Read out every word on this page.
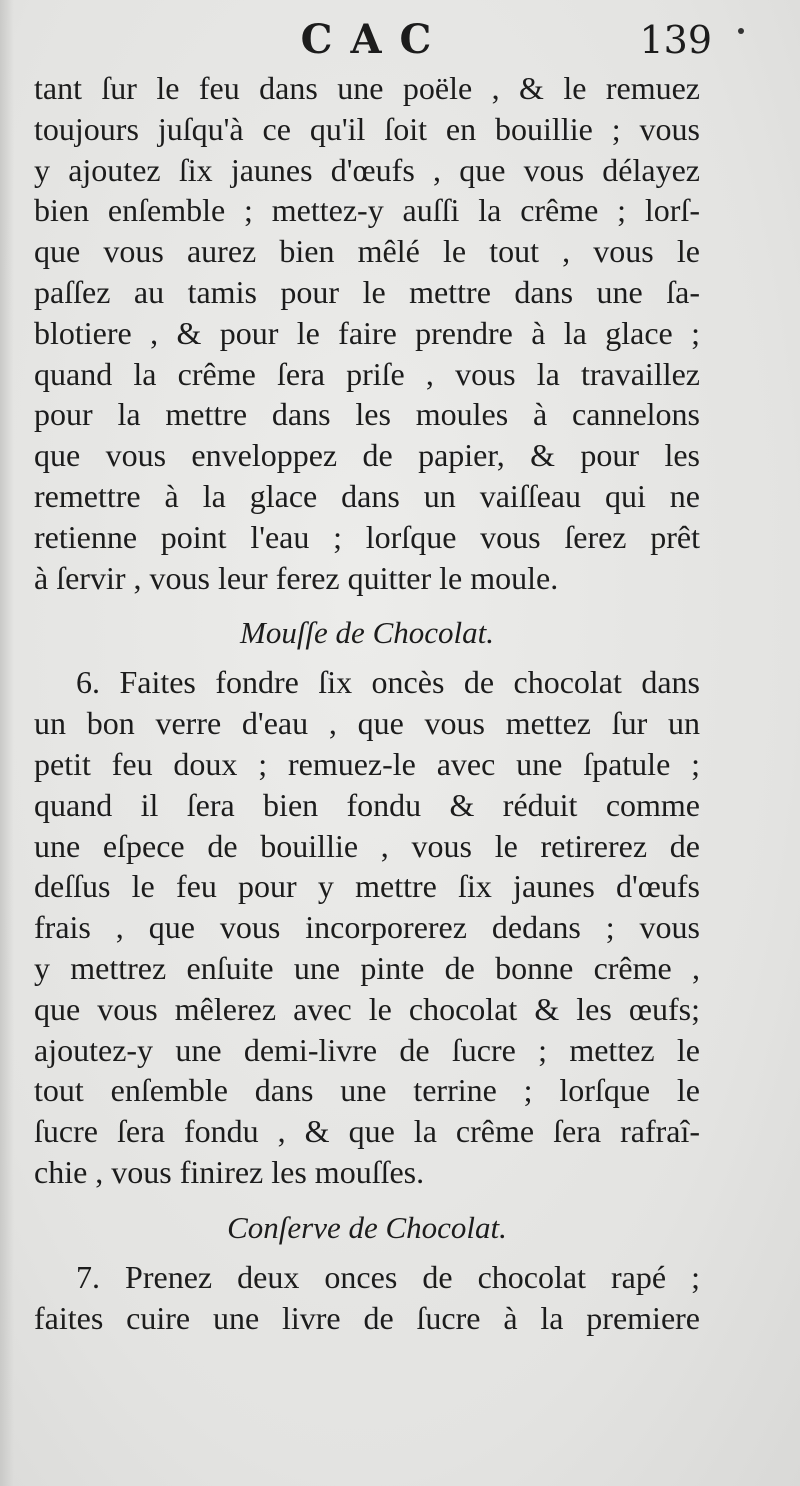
CAC	139
tant ſur le feu dans une poële , & le remuez
toujours juſqu'à ce qu'il ſoit en bouillie ; vous
y ajoutez ſix jaunes d'œufs , que vous délayez
bien enſemble ; mettez-y auſſi la crême ; lorſ-
que vous aurez bien mêlé le tout , vous le
paſſez au tamis pour le mettre dans une ſa-
blotiere , & pour le faire prendre à la glace ;
quand la crême ſera priſe , vous la travaillez
pour la mettre dans les moules à cannelons
que vous enveloppez de papier, & pour les
remettre à la glace dans un vaiſſeau qui ne
retienne point l'eau ; lorſque vous ſerez prêt
à ſervir , vous leur ferez quitter le moule.
Mouſſe de Chocolat.
6. Faites fondre ſix oncès de chocolat dans
un bon verre d'eau , que vous mettez ſur un
petit feu doux ; remuez-le avec une ſpatule ;
quand il ſera bien fondu & réduit comme
une eſpece de bouillie , vous le retirerez de
deſſus le feu pour y mettre ſix jaunes d'œufs
frais , que vous incorporerez dedans ; vous
y mettrez enſuite une pinte de bonne crême ,
que vous mêlerez avec le chocolat & les œufs;
ajoutez-y une demi-livre de ſucre ; mettez le
tout enſemble dans une terrine ; lorſque le
ſucre ſera fondu , & que la crême ſera rafraî-
chie , vous finirez les mouſſes.
Conſerve de Chocolat.
7. Prenez deux onces de chocolat rapé ;
faites cuire une livre de ſucre à la premiere
